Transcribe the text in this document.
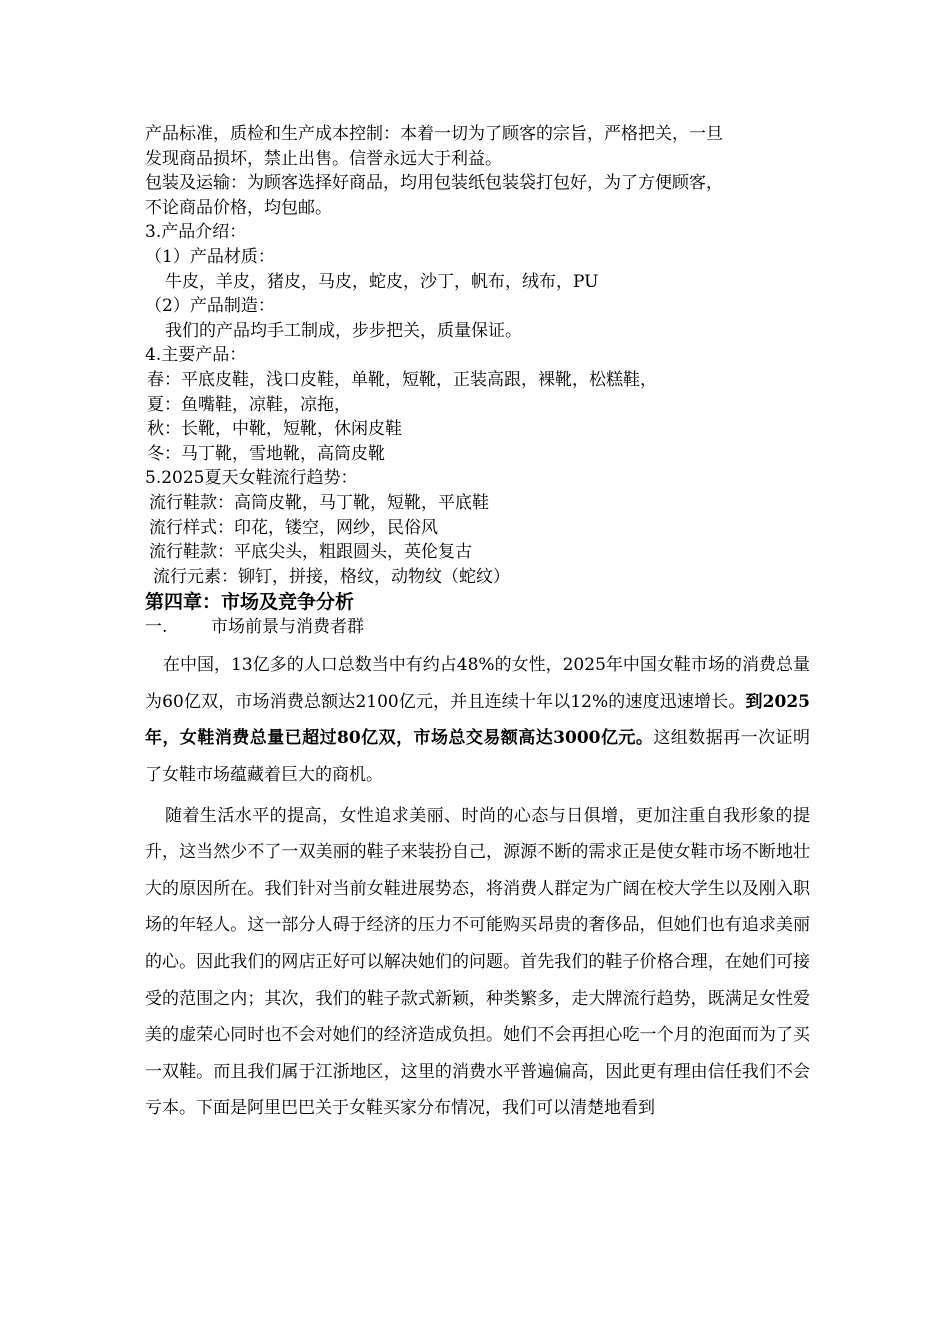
产品标准，质检和生产成本控制：本着一切为了顾客的宗旨，严格把关，一旦
发现商品损坏，禁止出售。信誉永远大于利益。
包装及运输：为顾客选择好商品，均用包装纸包装袋打包好，为了方便顾客，
不论商品价格，均包邮。
3.产品介绍：
（1）产品材质：
牛皮，羊皮，猪皮，马皮，蛇皮，沙丁，帆布，绒布，PU
（2）产品制造：
我们的产品均手工制成，步步把关，质量保证。
4.主要产品：
春：平底皮鞋，浅口皮鞋，单靴，短靴，正装高跟，裸靴，松糕鞋，
夏：鱼嘴鞋，凉鞋，凉拖，
秋：长靴，中靴，短靴，休闲皮鞋
冬：马丁靴，雪地靴，高筒皮靴
5.2025夏天女鞋流行趋势：
流行鞋款：高筒皮靴，马丁靴，短靴，平底鞋
流行样式：印花，镂空，网纱，民俗风
流行鞋款：平底尖头，粗跟圆头，英伦复古
流行元素：铆钉，拼接，格纹，动物纹（蛇纹）
第四章：市场及竞争分析
一.	市场前景与消费者群

在中国，13亿多的人口总数当中有约占48%的女性，2025年中国女鞋市场的消费总量为60亿双，市场消费总额达2100亿元，并且连续十年以12%的速度迅速增长。到2025年，女鞋消费总量已超过80亿双，市场总交易额高达3000亿元。这组数据再一次证明了女鞋市场蕴藏着巨大的商机。

随着生活水平的提高，女性追求美丽、时尚的心态与日俱增，更加注重自我形象的提升，这当然少不了一双美丽的鞋子来装扮自己，源源不断的需求正是使女鞋市场不断地壮大的原因所在。我们针对当前女鞋进展势态，将消费人群定为广阔在校大学生以及刚入职场的年轻人。这一部分人碍于经济的压力不可能购买昂贵的奢侈品，但她们也有追求美丽的心。因此我们的网店正好可以解决她们的问题。首先我们的鞋子价格合理，在她们可接受的范围之内；其次，我们的鞋子款式新颖，种类繁多，走大牌流行趋势，既满足女性爱美的虚荣心同时也不会对她们的经济造成负担。她们不会再担心吃一个月的泡面而为了买一双鞋。而且我们属于江浙地区，这里的消费水平普遍偏高，因此更有理由信任我们不会亏本。下面是阿里巴巴关于女鞋买家分布情况，我们可以清楚地看到
